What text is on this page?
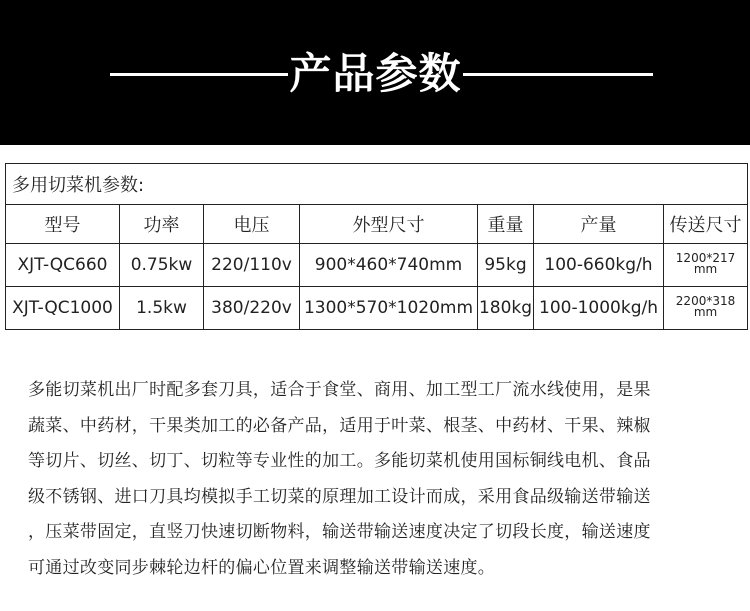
产品参数
多用切菜机参数:						
型号	功率	电压	外型尺寸	重量	产量	传送尺寸
XJT-QC660	0.75kw	220/110v	900*460*740mm	95kg	100-660kg/h	1200*217
mm

XJT-QC1000	1.5kw	380/220v	1300*570*1020mm	180kg	100-1000kg/h	2200*318
mm
多能切菜机出厂时配多套刀具，适合于食堂、商用、加工型工厂流水线使用，是果
蔬菜、中药材，干果类加工的必备产品，适用于叶菜、根茎、中药材、干果、辣椒
等切片、切丝、切丁、切粒等专业性的加工。多能切菜机使用国标铜线电机、食品
级不锈钢、进口刀具均模拟手工切菜的原理加工设计而成，采用食品级输送带输送
，压菜带固定，直竖刀快速切断物料，输送带输送速度决定了切段长度，输送速度
可通过改变同步棘轮边杆的偏心位置来调整输送带输送速度。
